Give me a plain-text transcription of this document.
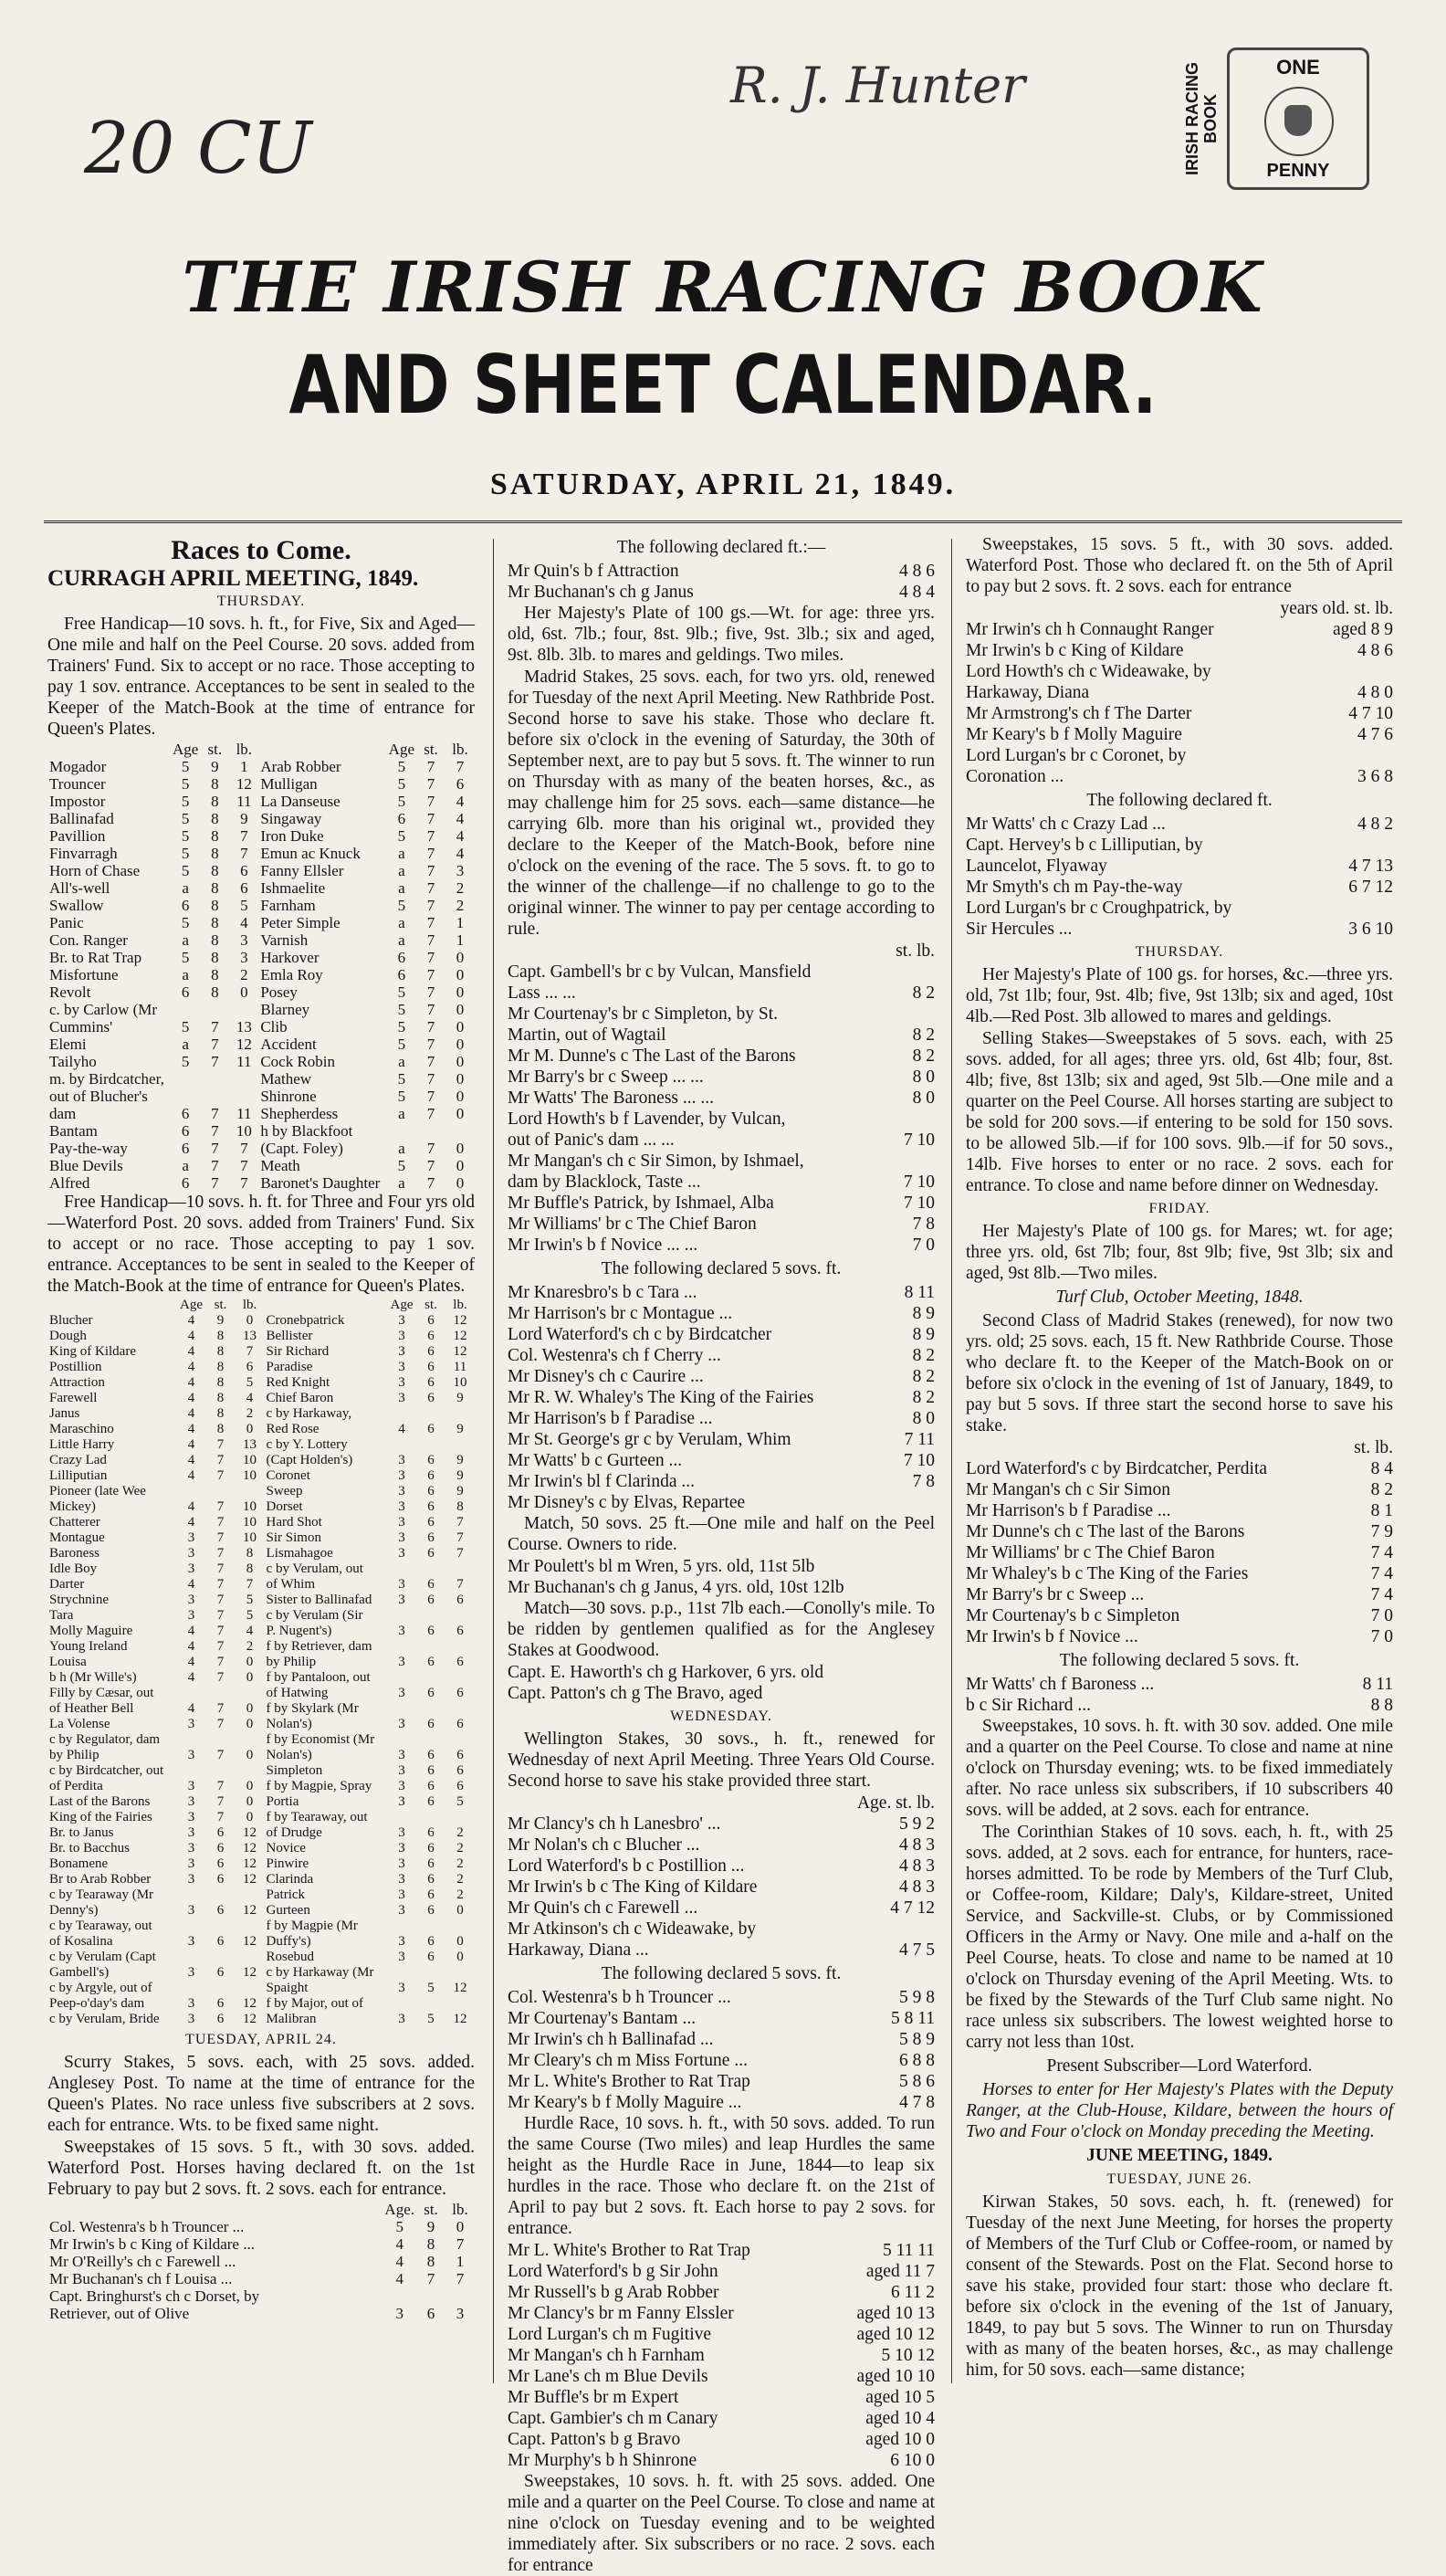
20 CU
R. J. Hunter	IRISH RACING BOOK
ONE
PENNY
THE IRISH RACING BOOK
AND SHEET CALENDAR.
SATURDAY, APRIL 21, 1849.
Races to Come.
CURRAGH APRIL MEETING, 1849.
THURSDAY.

Free Handicap—10 sovs. h. ft., for Five, Six and Aged—One mile and half on the Peel Course. 20 sovs. added from Trainers' Fund. Six to accept or no race. Those accepting to pay 1 sov. entrance. Acceptances to be sent in sealed to the Keeper of the Match-Book at the time of entrance for Queen's Plates.

	Age	st.	lb.		Age	st.	lb.
Mogador	5	9	1	Arab Robber	5	7	7
Trouncer	5	8	12	Mulligan	5	7	6
Impostor	5	8	11	La Danseuse	5	7	4
Ballinafad	5	8	9	Singaway	6	7	4
Pavillion	5	8	7	Iron Duke	5	7	4
Finvarragh	5	8	7	Emun ac Knuck	a	7	4
Horn of Chase	5	8	6	Fanny Ellsler	a	7	3
All's-well	a	8	6	Ishmaelite	a	7	2
Swallow	6	8	5	Farnham	5	7	2
Panic	5	8	4	Peter Simple	a	7	1
Con. Ranger	a	8	3	Varnish	a	7	1
Br. to Rat Trap	5	8	3	Harkover	6	7	0
Misfortune	a	8	2	Emla Roy	6	7	0
Revolt	6	8	0	Posey	5	7	0
c. by Carlow (Mr				Blarney	5	7	0
Cummins'	5	7	13	Clib	5	7	0
Elemi	a	7	12	Accident	5	7	0
Tailyho	5	7	11	Cock Robin	a	7	0
m. by Birdcatcher,				Mathew	5	7	0
out of Blucher's				Shinrone	5	7	0
dam	6	7	11	Shepherdess	a	7	0
Bantam	6	7	10	h by Blackfoot			
Pay-the-way	6	7	7	(Capt. Foley)	a	7	0
Blue Devils	a	7	7	Meath	5	7	0
Alfred	6	7	7	Baronet's Daughter	a	7	0

Free Handicap—10 sovs. h. ft. for Three and Four yrs old—Waterford Post. 20 sovs. added from Trainers' Fund. Six to accept or no race. Those accepting to pay 1 sov. entrance. Acceptances to be sent in sealed to the Keeper of the Match-Book at the time of entrance for Queen's Plates.

	Age	st.	lb.		Age	st.	lb.
Blucher	4	9	0	Cronebpatrick	3	6	12
Dough	4	8	13	Bellister	3	6	12
King of Kildare	4	8	7	Sir Richard	3	6	12
Postillion	4	8	6	Paradise	3	6	11
Attraction	4	8	5	Red Knight	3	6	10
Farewell	4	8	4	Chief Baron	3	6	9
Janus	4	8	2	c by Harkaway,			
Maraschino	4	8	0	Red Rose	4	6	9
Little Harry	4	7	13	c by Y. Lottery			
Crazy Lad	4	7	10	(Capt Holden's)	3	6	9
Lilliputian	4	7	10	Coronet	3	6	9
Pioneer (late Wee				Sweep	3	6	9
Mickey)	4	7	10	Dorset	3	6	8
Chatterer	4	7	10	Hard Shot	3	6	7
Montague	3	7	10	Sir Simon	3	6	7
Baroness	3	7	8	Lismahagoe	3	6	7
Idle Boy	3	7	8	c by Verulam, out			
Darter	4	7	7	of Whim	3	6	7
Strychnine	3	7	5	Sister to Ballinafad	3	6	6
Tara	3	7	5	c by Verulam (Sir			
Molly Maguire	4	7	4	P. Nugent's)	3	6	6
Young Ireland	4	7	2	f by Retriever, dam			
Louisa	4	7	0	by Philip	3	6	6
b h (Mr Wille's)	4	7	0	f by Pantaloon, out			
Filly by Cæsar, out				of Hatwing	3	6	6
of Heather Bell	4	7	0	f by Skylark (Mr			
La Volense	3	7	0	Nolan's)	3	6	6
c by Regulator, dam				f by Economist (Mr			
by Philip	3	7	0	Nolan's)	3	6	6
c by Birdcatcher, out				Simpleton	3	6	6
of Perdita	3	7	0	f by Magpie, Spray	3	6	6
Last of the Barons	3	7	0	Portia	3	6	5
King of the Fairies	3	7	0	f by Tearaway, out			
Br. to Janus	3	6	12	of Drudge	3	6	2
Br. to Bacchus	3	6	12	Novice	3	6	2
Bonamene	3	6	12	Pinwire	3	6	2
Br to Arab Robber	3	6	12	Clarinda	3	6	2
c by Tearaway (Mr				Patrick	3	6	2
Denny's)	3	6	12	Gurteen	3	6	0
c by Tearaway, out				f by Magpie (Mr			
of Kosalina	3	6	12	Duffy's)	3	6	0
c by Verulam (Capt				Rosebud	3	6	0
Gambell's)	3	6	12	c by Harkaway (Mr			
c by Argyle, out of				Spaight	3	5	12
Peep-o'day's dam	3	6	12	f by Major, out of			
c by Verulam, Bride	3	6	12	Malibran	3	5	12
TUESDAY, APRIL 24.

Scurry Stakes, 5 sovs. each, with 25 sovs. added. Anglesey Post. To name at the time of entrance for the Queen's Plates. No race unless five subscribers at 2 sovs. each for entrance. Wts. to be fixed same night.

Sweepstakes of 15 sovs. 5 ft., with 30 sovs. added. Waterford Post. Horses having declared ft. on the 1st February to pay but 2 sovs. ft. 2 sovs. each for entrance.

	Age.	st.	lb.
Col. Westenra's b h Trouncer ...	5	9	0
Mr Irwin's b c King of Kildare ...	4	8	7
Mr O'Reilly's ch c Farewell ...	4	8	1
Mr Buchanan's ch f Louisa ...	4	7	7
Capt. Bringhurst's ch c Dorset, by			
Retriever, out of Olive	3	6	3
The following declared ft.:—
Mr Quin's b f Attraction	4 8 6
Mr Buchanan's ch g Janus	4 8 4

Her Majesty's Plate of 100 gs.—Wt. for age: three yrs. old, 6st. 7lb.; four, 8st. 9lb.; five, 9st. 3lb.; six and aged, 9st. 8lb. 3lb. to mares and geldings. Two miles.

Madrid Stakes, 25 sovs. each, for two yrs. old, renewed for Tuesday of the next April Meeting. New Rathbride Post. Second horse to save his stake. Those who declare ft. before six o'clock in the evening of Saturday, the 30th of September next, are to pay but 5 sovs. ft. The winner to run on Thursday with as many of the beaten horses, &c., as may challenge him for 25 sovs. each—same distance—he carrying 6lb. more than his original wt., provided they declare to the Keeper of the Match-Book, before nine o'clock on the evening of the race. The 5 sovs. ft. to go to the winner of the challenge—if no challenge to go to the original winner. The winner to pay per centage according to rule.

st. lb.
Capt. Gambell's br c by Vulcan, Mansfield
Lass ... ...	8 2
Mr Courtenay's br c Simpleton, by St.
Martin, out of Wagtail	8 2
Mr M. Dunne's c The Last of the Barons	8 2
Mr Barry's br c Sweep ... ...	8 0
Mr Watts' The Baroness ... ...	8 0
Lord Howth's b f Lavender, by Vulcan,
out of Panic's dam ... ...	7 10
Mr Mangan's ch c Sir Simon, by Ishmael,
dam by Blacklock, Taste ...	7 10
Mr Buffle's Patrick, by Ishmael, Alba	7 10
Mr Williams' br c The Chief Baron	7 8
Mr Irwin's b f Novice ... ...	7 0
The following declared 5 sovs. ft.
Mr Knaresbro's b c Tara ...	8 11
Mr Harrison's br c Montague ...	8 9
Lord Waterford's ch c by Birdcatcher	8 9
Col. Westenra's ch f Cherry ...	8 2
Mr Disney's ch c Caurire ...	8 2
Mr R. W. Whaley's The King of the Fairies	8 2
Mr Harrison's b f Paradise ...	8 0
Mr St. George's gr c by Verulam, Whim	7 11
Mr Watts' b c Gurteen ...	7 10
Mr Irwin's bl f Clarinda ...	7 8
Mr Disney's c by Elvas, Repartee

Match, 50 sovs. 25 ft.—One mile and half on the Peel Course. Owners to ride.

Mr Poulett's bl m Wren, 5 yrs. old, 11st 5lb
Mr Buchanan's ch g Janus, 4 yrs. old, 10st 12lb

Match—30 sovs. p.p., 11st 7lb each.—Conolly's mile. To be ridden by gentlemen qualified as for the Anglesey Stakes at Goodwood.

Capt. E. Haworth's ch g Harkover, 6 yrs. old
Capt. Patton's ch g The Bravo, aged
WEDNESDAY.

Wellington Stakes, 30 sovs., h. ft., renewed for Wednesday of next April Meeting. Three Years Old Course. Second horse to save his stake provided three start.

Age. st. lb.
Mr Clancy's ch h Lanesbro' ...	5 9 2
Mr Nolan's ch c Blucher ...	4 8 3
Lord Waterford's b c Postillion ...	4 8 3
Mr Irwin's b c The King of Kildare	4 8 3
Mr Quin's ch c Farewell ...	4 7 12
Mr Atkinson's ch c Wideawake, by
Harkaway, Diana ...	4 7 5
The following declared 5 sovs. ft.
Col. Westenra's b h Trouncer ...	5 9 8
Mr Courtenay's Bantam ...	5 8 11
Mr Irwin's ch h Ballinafad ...	5 8 9
Mr Cleary's ch m Miss Fortune ...	6 8 8
Mr L. White's Brother to Rat Trap	5 8 6
Mr Keary's b f Molly Maguire ...	4 7 8

Hurdle Race, 10 sovs. h. ft., with 50 sovs. added. To run the same Course (Two miles) and leap Hurdles the same height as the Hurdle Race in June, 1844—to leap six hurdles in the race. Those who declare ft. on the 21st of April to pay but 2 sovs. ft. Each horse to pay 2 sovs. for entrance.

Mr L. White's Brother to Rat Trap	5 11 11
Lord Waterford's b g Sir John	aged 11 7
Mr Russell's b g Arab Robber	6 11 2
Mr Clancy's br m Fanny Elssler	aged 10 13
Lord Lurgan's ch m Fugitive	aged 10 12
Mr Mangan's ch h Farnham	5 10 12
Mr Lane's ch m Blue Devils	aged 10 10
Mr Buffle's br m Expert	aged 10 5
Capt. Gambier's ch m Canary	aged 10 4
Capt. Patton's b g Bravo	aged 10 0
Mr Murphy's b h Shinrone	6 10 0

Sweepstakes, 10 sovs. h. ft. with 25 sovs. added. One mile and a quarter on the Peel Course. To close and name at nine o'clock on Tuesday evening and to be weighted immediately after. Six subscribers or no race. 2 sovs. each for entrance

Sweepstakes, 15 sovs. 5 ft., with 30 sovs. added. Waterford Post. Those who declared ft. on the 5th of April to pay but 2 sovs. ft. 2 sovs. each for entrance

years old. st. lb.
Mr Irwin's ch h Connaught Ranger	aged 8 9
Mr Irwin's b c King of Kildare	4 8 6
Lord Howth's ch c Wideawake, by
Harkaway, Diana	4 8 0
Mr Armstrong's ch f The Darter	4 7 10
Mr Keary's b f Molly Maguire	4 7 6
Lord Lurgan's br c Coronet, by
Coronation ...	3 6 8
The following declared ft.
Mr Watts' ch c Crazy Lad ...	4 8 2
Capt. Hervey's b c Lilliputian, by
Launcelot, Flyaway	4 7 13
Mr Smyth's ch m Pay-the-way	6 7 12
Lord Lurgan's br c Croughpatrick, by
Sir Hercules ...	3 6 10
THURSDAY.

Her Majesty's Plate of 100 gs. for horses, &c.—three yrs. old, 7st 1lb; four, 9st. 4lb; five, 9st 13lb; six and aged, 10st 4lb.—Red Post. 3lb allowed to mares and geldings.

Selling Stakes—Sweepstakes of 5 sovs. each, with 25 sovs. added, for all ages; three yrs. old, 6st 4lb; four, 8st. 4lb; five, 8st 13lb; six and aged, 9st 5lb.—One mile and a quarter on the Peel Course. All horses starting are subject to be sold for 200 sovs.—if entering to be sold for 150 sovs. to be allowed 5lb.—if for 100 sovs. 9lb.—if for 50 sovs., 14lb. Five horses to enter or no race. 2 sovs. each for entrance. To close and name before dinner on Wednesday.

FRIDAY.

Her Majesty's Plate of 100 gs. for Mares; wt. for age; three yrs. old, 6st 7lb; four, 8st 9lb; five, 9st 3lb; six and aged, 9st 8lb.—Two miles.

Turf Club, October Meeting, 1848.

Second Class of Madrid Stakes (renewed), for now two yrs. old; 25 sovs. each, 15 ft. New Rathbride Course. Those who declare ft. to the Keeper of the Match-Book on or before six o'clock in the evening of 1st of January, 1849, to pay but 5 sovs. If three start the second horse to save his stake.

st. lb.
Lord Waterford's c by Birdcatcher, Perdita	8 4
Mr Mangan's ch c Sir Simon	8 2
Mr Harrison's b f Paradise ...	8 1
Mr Dunne's ch c The last of the Barons	7 9
Mr Williams' br c The Chief Baron	7 4
Mr Whaley's b c The King of the Faries	7 4
Mr Barry's br c Sweep ...	7 4
Mr Courtenay's b c Simpleton	7 0
Mr Irwin's b f Novice ...	7 0
The following declared 5 sovs. ft.
Mr Watts' ch f Baroness ...	8 11
b c Sir Richard ...	8 8

Sweepstakes, 10 sovs. h. ft. with 30 sov. added. One mile and a quarter on the Peel Course. To close and name at nine o'clock on Thursday evening; wts. to be fixed immediately after. No race unless six subscribers, if 10 subscribers 40 sovs. will be added, at 2 sovs. each for entrance.

The Corinthian Stakes of 10 sovs. each, h. ft., with 25 sovs. added, at 2 sovs. each for entrance, for hunters, race-horses admitted. To be rode by Members of the Turf Club, or Coffee-room, Kildare; Daly's, Kildare-street, United Service, and Sackville-st. Clubs, or by Commissioned Officers in the Army or Navy. One mile and a-half on the Peel Course, heats. To close and name to be named at 10 o'clock on Thursday evening of the April Meeting. Wts. to be fixed by the Stewards of the Turf Club same night. No race unless six subscribers. The lowest weighted horse to carry not less than 10st.

Present Subscriber—Lord Waterford.

Horses to enter for Her Majesty's Plates with the Deputy Ranger, at the Club-House, Kildare, between the hours of Two and Four o'clock on Monday preceding the Meeting.

JUNE MEETING, 1849.
TUESDAY, JUNE 26.

Kirwan Stakes, 50 sovs. each, h. ft. (renewed) for Tuesday of the next June Meeting, for horses the property of Members of the Turf Club or Coffee-room, or named by consent of the Stewards. Post on the Flat. Second horse to save his stake, provided four start: those who declare ft. before six o'clock in the evening of the 1st of January, 1849, to pay but 5 sovs. The Winner to run on Thursday with as many of the beaten horses, &c., as may challenge him, for 50 sovs. each—same distance;
